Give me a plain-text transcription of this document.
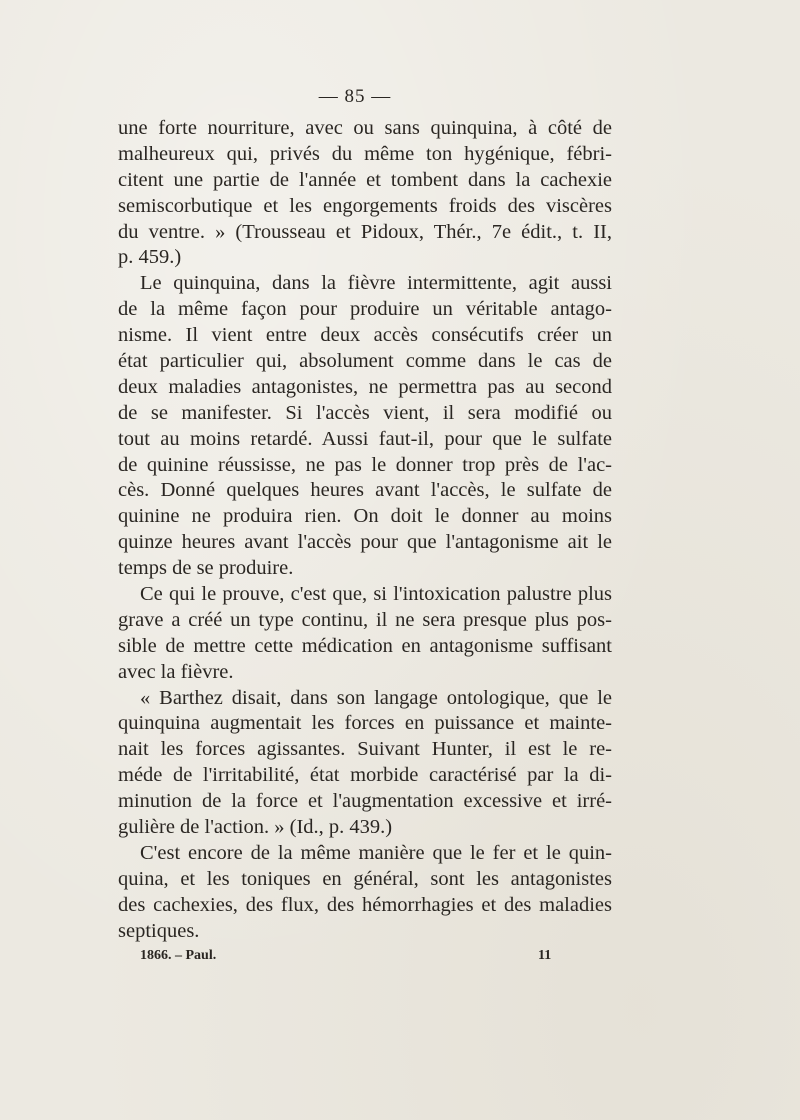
— 85 —
une forte nourriture, avec ou sans quinquina, à côté de
malheureux qui, privés du même ton hygénique, fébri-
citent une partie de l'année et tombent dans la cachexie
semiscorbutique et les engorgements froids des viscères
du ventre. » (Trousseau et Pidoux, Thér., 7e édit., t. II,
p. 459.)
Le quinquina, dans la fièvre intermittente, agit aussi
de la même façon pour produire un véritable antago-
nisme. Il vient entre deux accès consécutifs créer un
état particulier qui, absolument comme dans le cas de
deux maladies antagonistes, ne permettra pas au second
de se manifester. Si l'accès vient, il sera modifié ou
tout au moins retardé. Aussi faut-il, pour que le sulfate
de quinine réussisse, ne pas le donner trop près de l'ac-
cès. Donné quelques heures avant l'accès, le sulfate de
quinine ne produira rien. On doit le donner au moins
quinze heures avant l'accès pour que l'antagonisme ait le
temps de se produire.
Ce qui le prouve, c'est que, si l'intoxication palustre plus
grave a créé un type continu, il ne sera presque plus pos-
sible de mettre cette médication en antagonisme suffisant
avec la fièvre.
« Barthez disait, dans son langage ontologique, que le
quinquina augmentait les forces en puissance et mainte-
nait les forces agissantes. Suivant Hunter, il est le re-
méde de l'irritabilité, état morbide caractérisé par la di-
minution de la force et l'augmentation excessive et irré-
gulière de l'action. » (Id., p. 439.)
C'est encore de la même manière que le fer et le quin-
quina, et les toniques en général, sont les antagonistes
des cachexies, des flux, des hémorrhagies et des maladies
septiques.
1866. – Paul.	11
